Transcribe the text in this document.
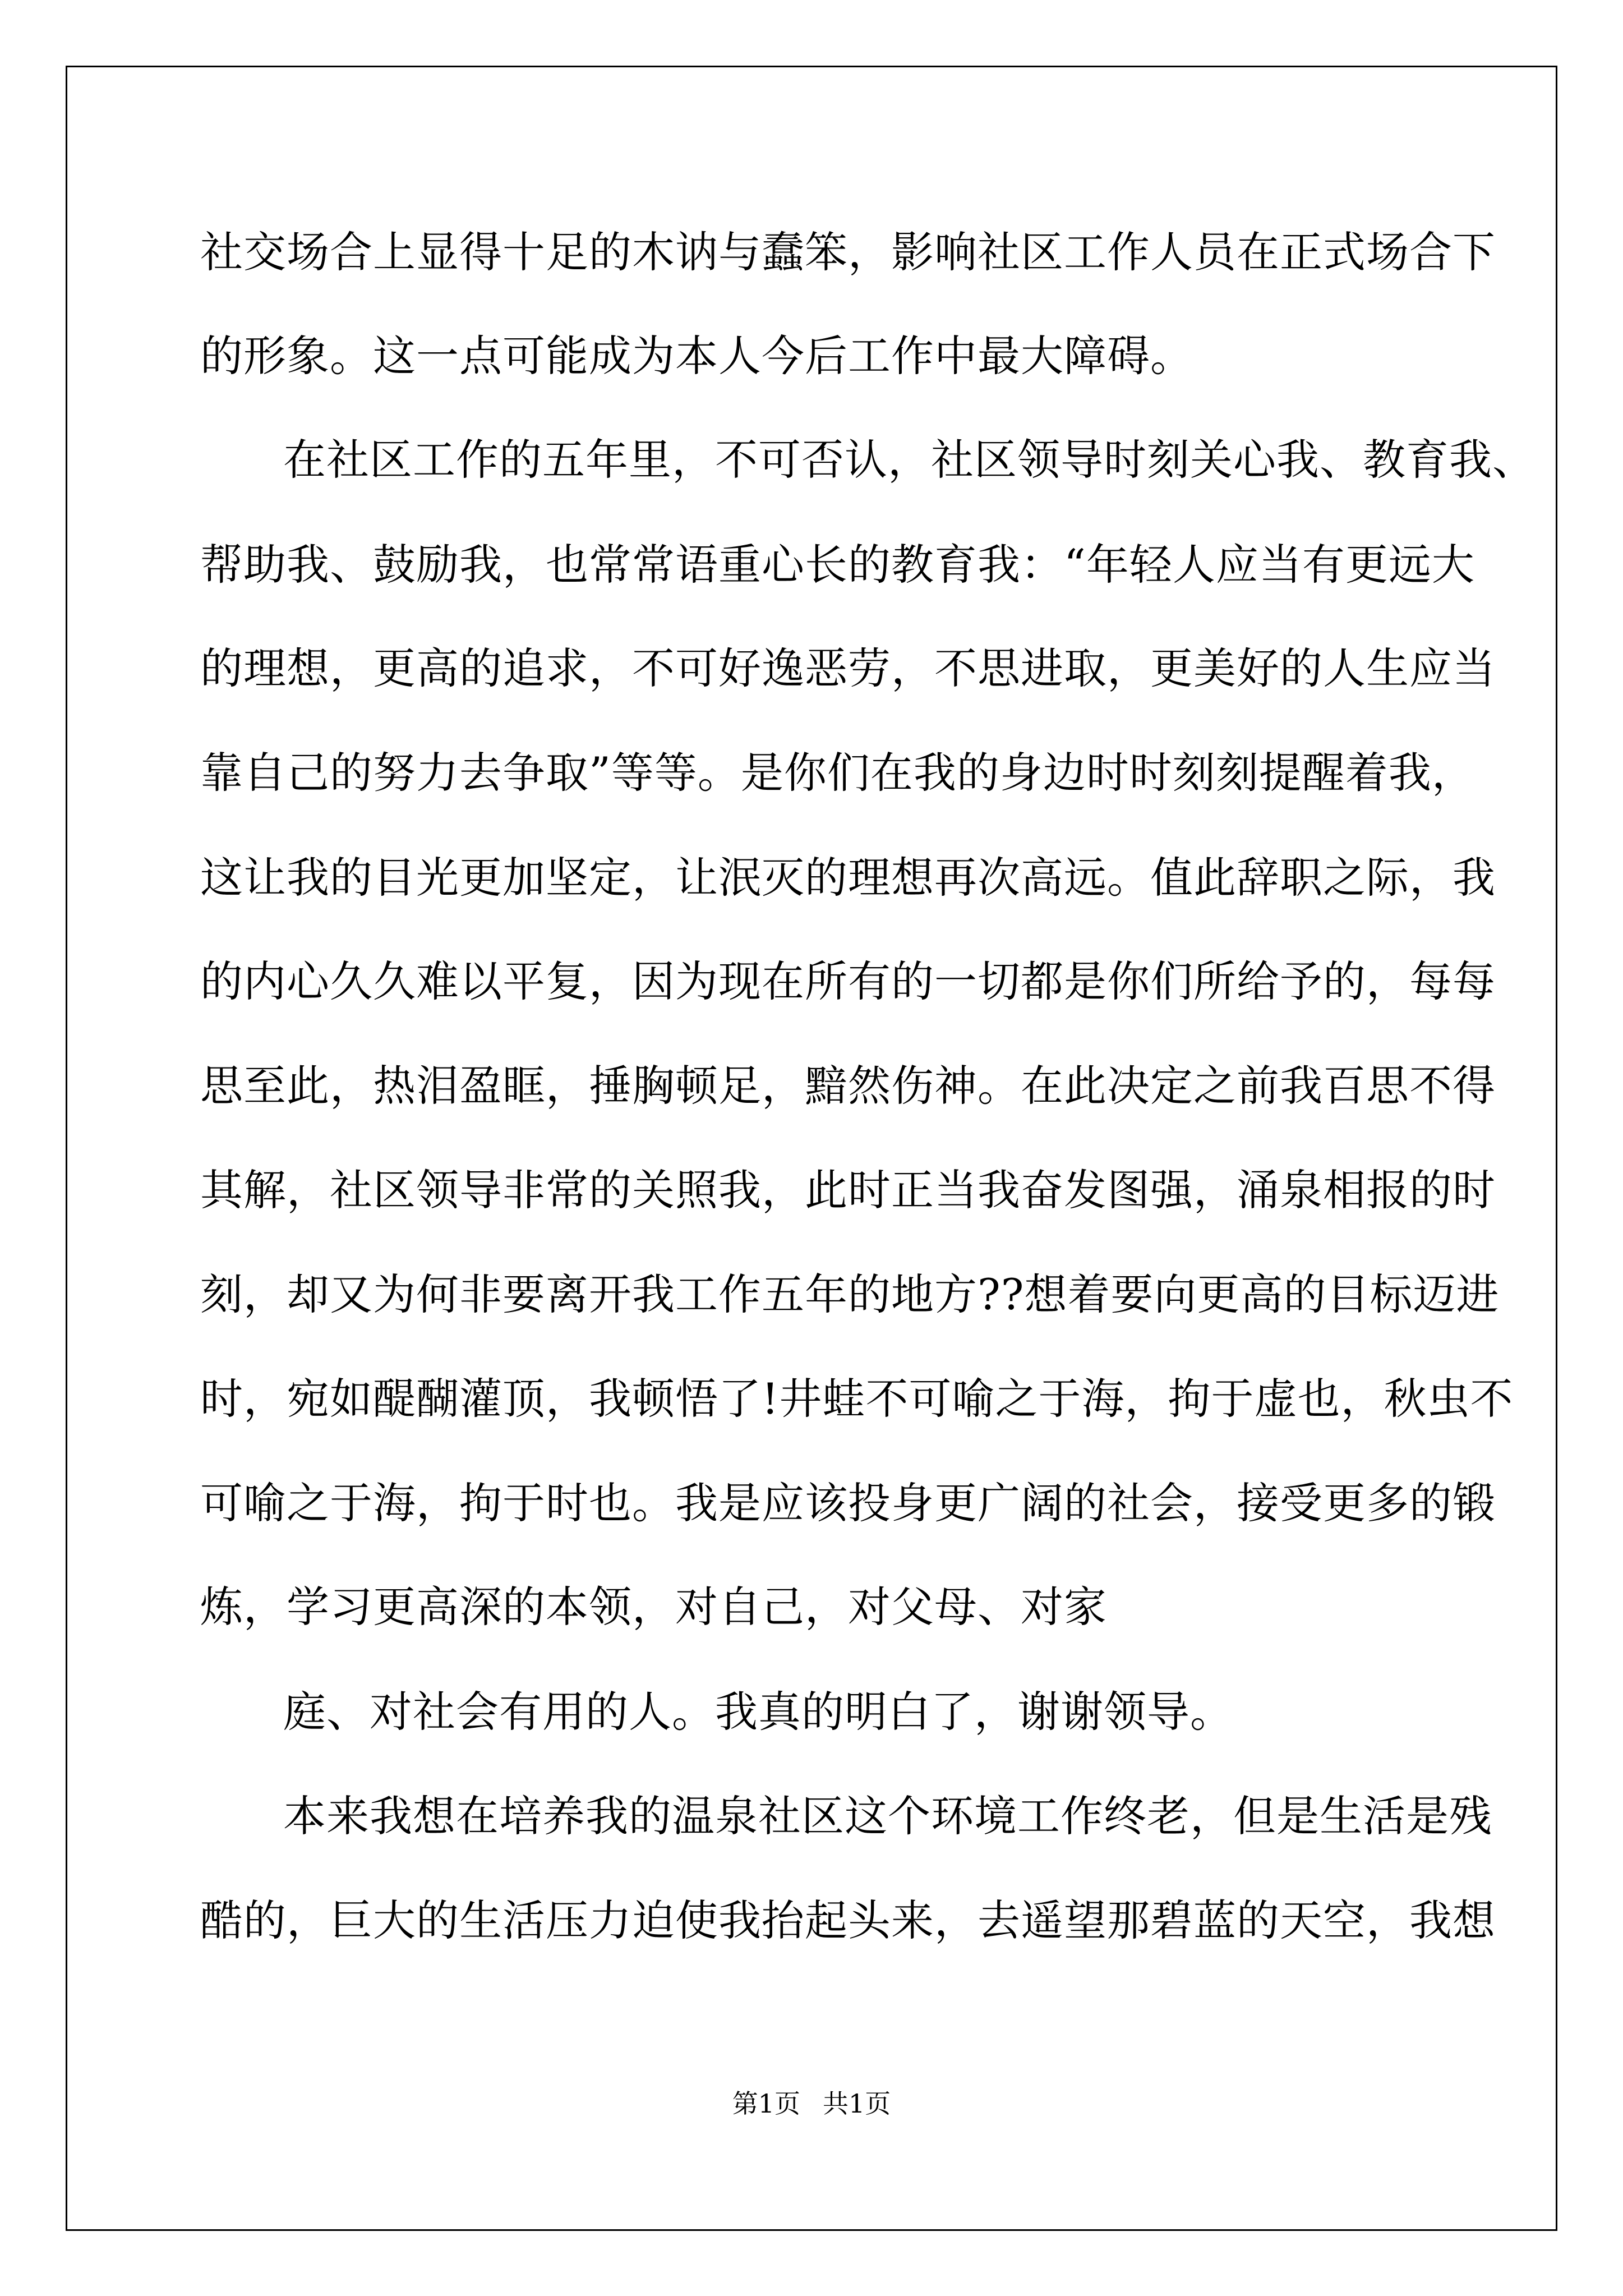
社交场合上显得十足的木讷与蠢笨，影响社区工作人员在正式场合下
的形象。这一点可能成为本人今后工作中最大障碍。
在社区工作的五年里，不可否认，社区领导时刻关心我、教育我、
帮助我、鼓励我，也常常语重心长的教育我：“年轻人应当有更远大
的理想，更高的追求，不可好逸恶劳，不思进取，更美好的人生应当
靠自己的努力去争取”等等。是你们在我的身边时时刻刻提醒着我，
这让我的目光更加坚定，让泯灭的理想再次高远。值此辞职之际，我
的内心久久难以平复，因为现在所有的一切都是你们所给予的，每每
思至此，热泪盈眶，捶胸顿足，黯然伤神。在此决定之前我百思不得
其解，社区领导非常的关照我，此时正当我奋发图强，涌泉相报的时
刻，却又为何非要离开我工作五年的地方??想着要向更高的目标迈进
时，宛如醍醐灌顶，我顿悟了!井蛙不可喻之于海，拘于虚也，秋虫不
可喻之于海，拘于时也。我是应该投身更广阔的社会，接受更多的锻
炼，学习更高深的本领，对自己，对父母、对家
庭、对社会有用的人。我真的明白了，谢谢领导。
本来我想在培养我的温泉社区这个环境工作终老，但是生活是残
酷的，巨大的生活压力迫使我抬起头来，去遥望那碧蓝的天空，我想
第1页 共1页
